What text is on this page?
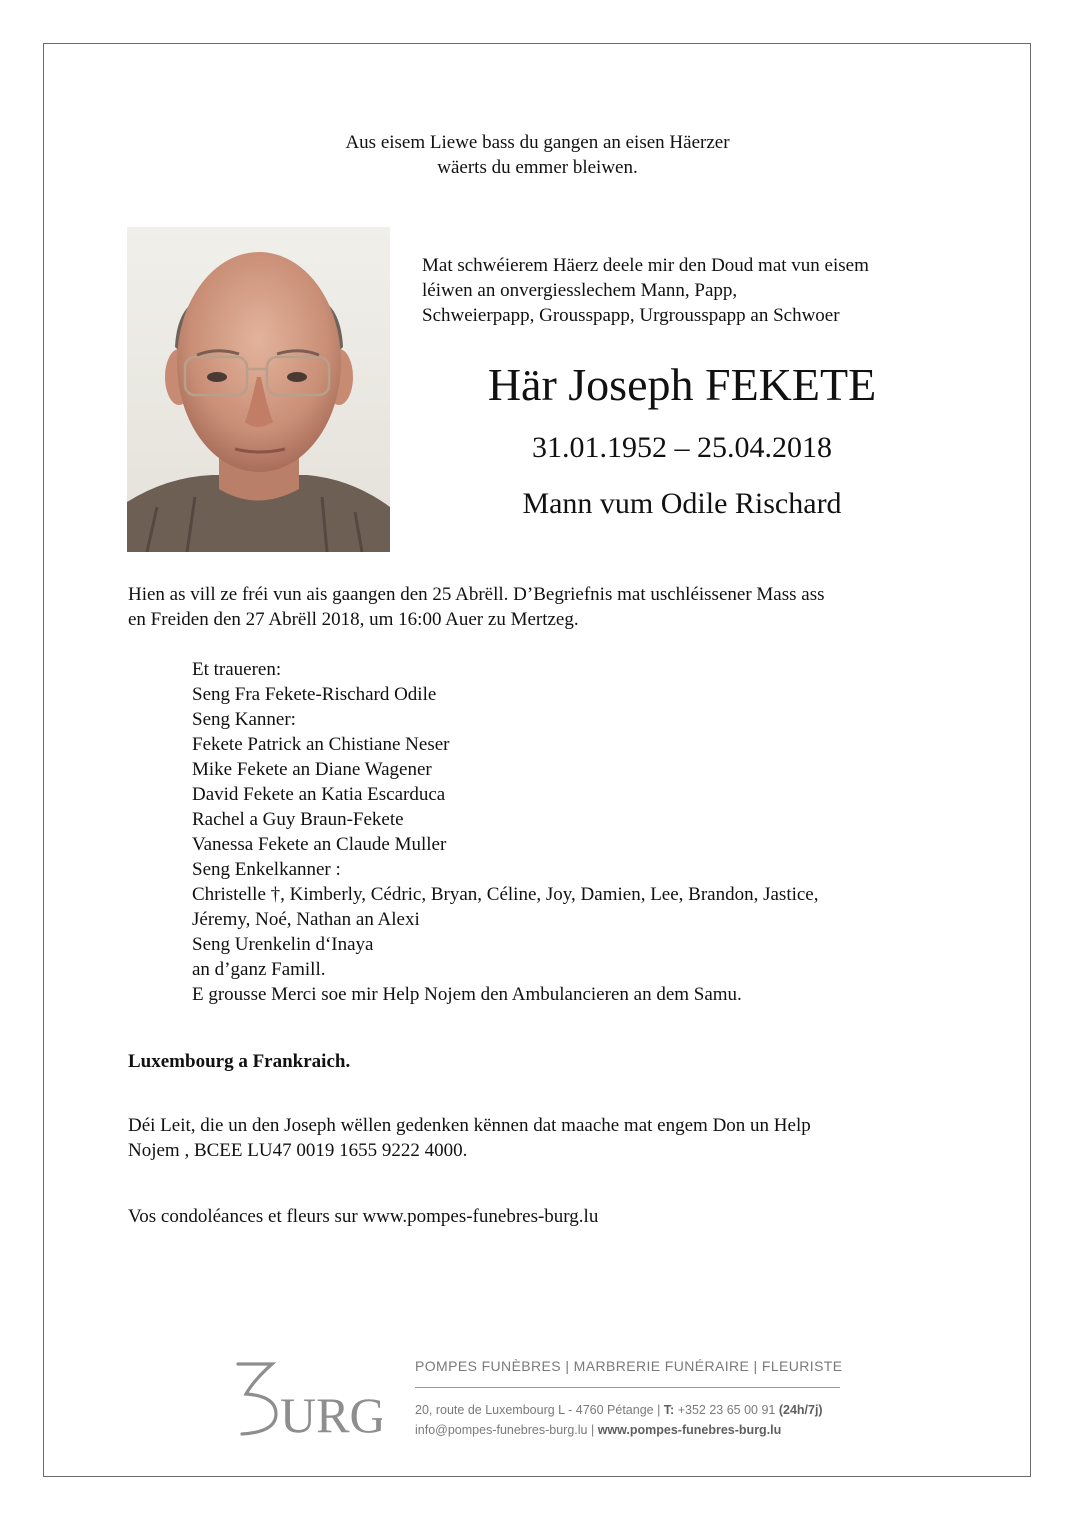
Aus eisem Liewe bass du gangen an eisen Häerzer
wäerts du emmer bleiwen.
Mat schwéierem Häerz deele mir den Doud mat vun eisem
léiwen an onvergiesslechem Mann, Papp,
Schweierpapp, Grousspapp, Urgrousspapp an Schwoer
Här Joseph FEKETE
31.01.1952 – 25.04.2018
Mann vum Odile Rischard
Hien as vill ze fréi vun ais gaangen den 25 Abrëll. D’Begriefnis mat uschléissener Mass ass
en Freiden den 27 Abrëll 2018, um 16:00 Auer zu Mertzeg.
Et traueren:
Seng Fra Fekete-Rischard Odile
Seng Kanner:
Fekete Patrick an Chistiane Neser
Mike Fekete an Diane Wagener
David Fekete an Katia Escarduca
Rachel a Guy Braun-Fekete
Vanessa Fekete an Claude Muller
Seng Enkelkanner :
Christelle †, Kimberly, Cédric, Bryan, Céline, Joy, Damien, Lee, Brandon, Jastice,
Jéremy, Noé, Nathan an Alexi
Seng Urenkelin d‘Inaya
an d’ganz Famill.
E grousse Merci soe mir Help Nojem den Ambulancieren an dem Samu.
Luxembourg a Frankraich.
Déi Leit, die un den Joseph wëllen gedenken kënnen dat maache mat engem Don un Help
Nojem , BCEE LU47 0019 1655 9222 4000.
Vos condoléances et fleurs sur www.pompes-funebres-burg.lu
URG
POMPES FUNÈBRES | MARBRERIE FUNÉRAIRE | FLEURISTE
20, route de Luxembourg L - 4760 Pétange | T: +352 23 65 00 91 (24h/7j)
info@pompes-funebres-burg.lu | www.pompes-funebres-burg.lu
